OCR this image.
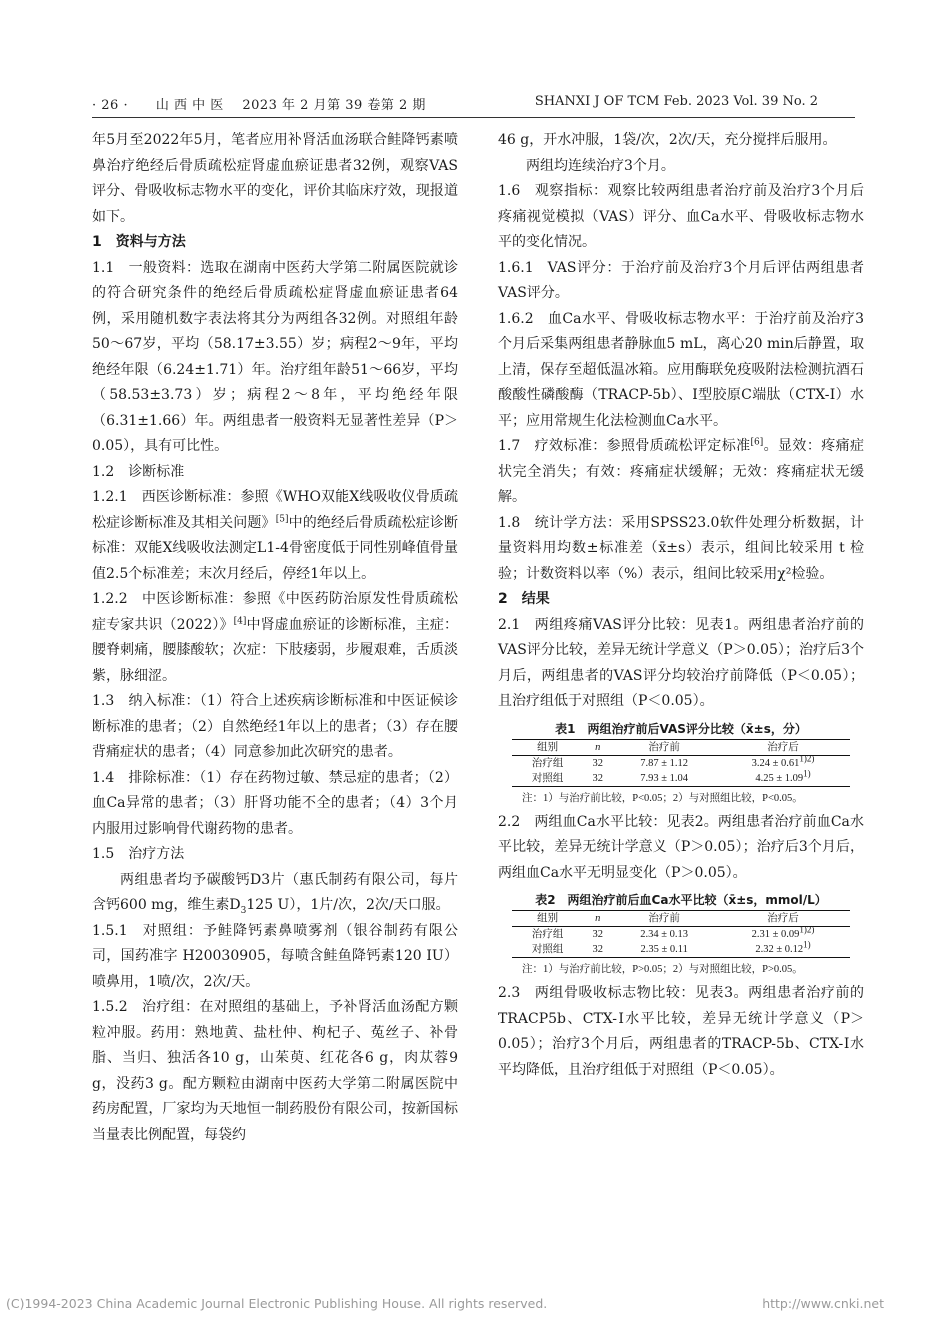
· 26 · 山 西 中 医 2023 年 2 月第 39 卷第 2 期	SHANXI J OF TCM Feb. 2023 Vol. 39 No. 2

年5月至2022年5月，笔者应用补肾活血汤联合鲑降钙素喷鼻治疗绝经后骨质疏松症肾虚血瘀证患者32例，观察VAS评分、骨吸收标志物水平的变化，评价其临床疗效，现报道如下。

1 资料与方法

1.1 一般资料：选取在湖南中医药大学第二附属医院就诊的符合研究条件的绝经后骨质疏松症肾虚血瘀证患者64例，采用随机数字表法将其分为两组各32例。对照组年龄50～67岁，平均（58.17±3.55）岁；病程2～9年，平均绝经年限（6.24±1.71）年。治疗组年龄51～66岁，平均（58.53±3.73）岁；病程2～8年，平均绝经年限（6.31±1.66）年。两组患者一般资料无显著性差异（P＞0.05），具有可比性。

1.2 诊断标准

1.2.1 西医诊断标准：参照《WHO双能X线吸收仪骨质疏松症诊断标准及其相关问题》[5]中的绝经后骨质疏松症诊断标准：双能X线吸收法测定L1-4骨密度低于同性别峰值骨量值2.5个标准差；末次月经后，停经1年以上。

1.2.2 中医诊断标准：参照《中医药防治原发性骨质疏松症专家共识（2022）》[4]中肾虚血瘀证的诊断标准，主症：腰脊刺痛，腰膝酸软；次症：下肢痿弱，步履艰难，舌质淡紫，脉细涩。

1.3 纳入标准：（1）符合上述疾病诊断标准和中医证候诊断标准的患者；（2）自然绝经1年以上的患者；（3）存在腰背痛症状的患者；（4）同意参加此次研究的患者。

1.4 排除标准：（1）存在药物过敏、禁忌症的患者；（2）血Ca异常的患者；（3）肝肾功能不全的患者；（4）3个月内服用过影响骨代谢药物的患者。

1.5 治疗方法

两组患者均予碳酸钙D3片（惠氏制药有限公司，每片含钙600 mg，维生素$D_3125$ U），1片/次，2次/天口服。

1.5.1 对照组：予鲑降钙素鼻喷雾剂（银谷制药有限公司，国药准字 H20030905，每喷含鲑鱼降钙素120 IU）喷鼻用，1喷/次，2次/天。

1.5.2 治疗组：在对照组的基础上，予补肾活血汤配方颗粒冲服。药用：熟地黄、盐杜仲、枸杞子、菟丝子、补骨脂、当归、独活各10 g，山茱萸、红花各6 g，肉苁蓉9 g，没药3 g。配方颗粒由湖南中医药大学第二附属医院中药房配置，厂家均为天地恒一制药股份有限公司，按新国标当量表比例配置，每袋约

46 g，开水冲服，1袋/次，2次/天，充分搅拌后服用。

两组均连续治疗3个月。

1.6 观察指标：观察比较两组患者治疗前及治疗3个月后疼痛视觉模拟（VAS）评分、血Ca水平、骨吸收标志物水平的变化情况。

1.6.1 VAS评分：于治疗前及治疗3个月后评估两组患者VAS评分。

1.6.2 血Ca水平、骨吸收标志物水平：于治疗前及治疗3个月后采集两组患者静脉血5 mL，离心20 min后静置，取上清，保存至超低温冰箱。应用酶联免疫吸附法检测抗酒石酸酸性磷酸酶（TRACP-5b）、Ⅰ型胶原C端肽（CTX-Ⅰ）水平；应用常规生化法检测血Ca水平。

1.7 疗效标准：参照骨质疏松评定标准[6]。显效：疼痛症状完全消失；有效：疼痛症状缓解；无效：疼痛症状无缓解。

1.8 统计学方法：采用SPSS23.0软件处理分析数据，计量资料用均数±标准差（x̄±s）表示，组间比较采用 t 检验；计数资料以率（%）表示，组间比较采用χ²检验。

2 结果

2.1 两组疼痛VAS评分比较：见表1。两组患者治疗前的VAS评分比较，差异无统计学意义（P＞0.05）；治疗后3个月后，两组患者的VAS评分均较治疗前降低（P＜0.05）；且治疗组低于对照组（P＜0.05）。

表1　两组治疗前后VAS评分比较（x̄±s，分）
组别	n	治疗前	治疗后
治疗组	32	7.87 ± 1.12	$3.24 \pm 0.61^{1)2)}$
对照组	32	7.93 ± 1.04	$4.25 \pm 1.09^{1)}$
注：1）与治疗前比较，P<0.05；2）与对照组比较，P<0.05。

2.2 两组血Ca水平比较：见表2。两组患者治疗前血Ca水平比较，差异无统计学意义（P＞0.05）；治疗后3个月后，两组血Ca水平无明显变化（P＞0.05）。

表2　两组治疗前后血Ca水平比较（x̄±s，mmol/L）
组别	n	治疗前	治疗后
治疗组	32	2.34 ± 0.13	$2.31 \pm 0.09^{1)2)}$
对照组	32	2.35 ± 0.11	$2.32 \pm 0.12^{1)}$
注：1）与治疗前比较，P>0.05；2）与对照组比较，P>0.05。

2.3 两组骨吸收标志物比较：见表3。两组患者治疗前的TRACP5b、CTX-Ⅰ水平比较，差异无统计学意义（P＞0.05）；治疗3个月后，两组患者的TRACP-5b、CTX-Ⅰ水平均降低，且治疗组低于对照组（P＜0.05）。

(C)1994-2023 China Academic Journal Electronic Publishing House. All rights reserved.	http://www.cnki.net
